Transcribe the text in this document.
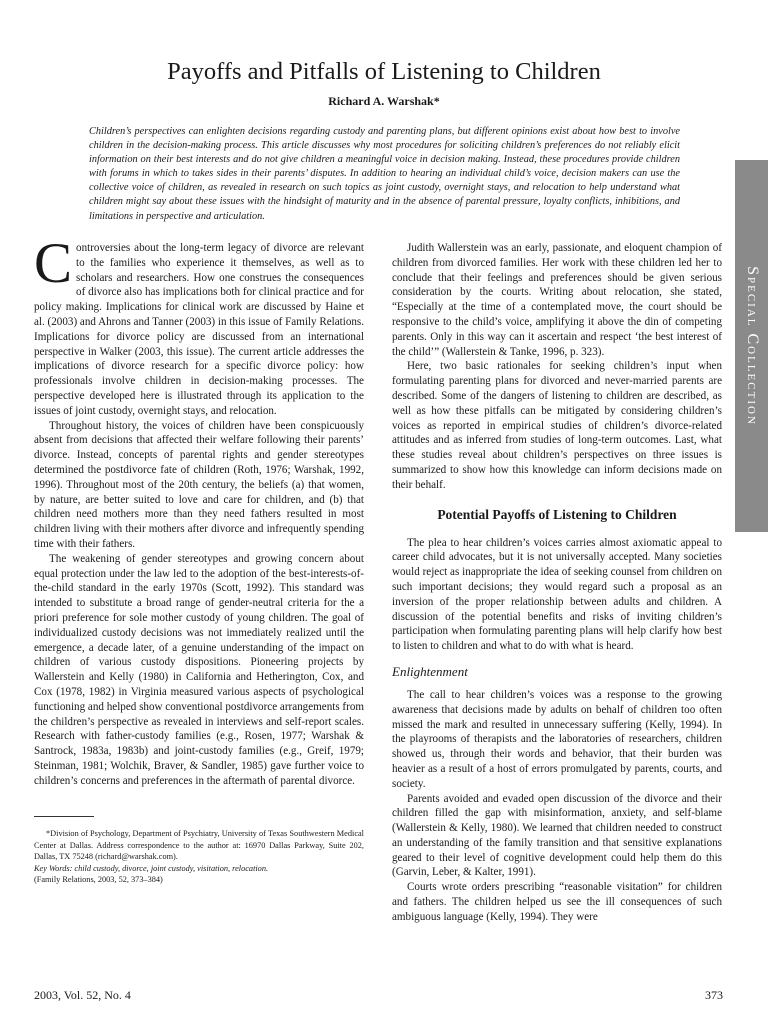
Payoffs and Pitfalls of Listening to Children
Richard A. Warshak*

Children’s perspectives can enlighten decisions regarding custody and parenting plans, but different opinions exist about how best to involve children in the decision-making process. This article discusses why most procedures for soliciting children’s preferences do not reliably elicit information on their best interests and do not give children a meaningful voice in decision making. Instead, these procedures provide children with forums in which to takes sides in their parents’ disputes. In addition to hearing an individual child’s voice, decision makers can use the collective voice of children, as revealed in research on such topics as joint custody, overnight stays, and relocation to help understand what children might say about these issues with the hindsight of maturity and in the absence of parental pressure, loyalty conflicts, inhibitions, and limitations in perspective and articulation.

C ontroversies about the long-term legacy of divorce are relevant to the families who experience it themselves, as well as to scholars and researchers. How one construes the consequences of divorce also has implications both for clinical practice and for policy making. Implications for clinical work are discussed by Haine et al. (2003) and Ahrons and Tanner (2003) in this issue of Family Relations. Implications for divorce policy are discussed from an international perspective in Walker (2003, this issue). The current article addresses the implications of divorce research for a specific divorce policy: how professionals involve children in decision-making processes. The perspective developed here is illustrated through its application to the issues of joint custody, overnight stays, and relocation.

Throughout history, the voices of children have been conspicuously absent from decisions that affected their welfare following their parents’ divorce. Instead, concepts of parental rights and gender stereotypes determined the postdivorce fate of children (Roth, 1976; Warshak, 1992, 1996). Throughout most of the 20th century, the beliefs (a) that women, by nature, are better suited to love and care for children, and (b) that children need mothers more than they need fathers resulted in most children living with their mothers after divorce and infrequently spending time with their fathers.

The weakening of gender stereotypes and growing concern about equal protection under the law led to the adoption of the best-interests-of-the-child standard in the early 1970s (Scott, 1992). This standard was intended to substitute a broad range of gender-neutral criteria for the a priori preference for sole mother custody of young children. The goal of individualized custody decisions was not immediately realized until the emergence, a decade later, of a genuine understanding of the impact on children of various custody dispositions. Pioneering projects by Wallerstein and Kelly (1980) in California and Hetherington, Cox, and Cox (1978, 1982) in Virginia measured various aspects of psychological functioning and helped show conventional postdivorce arrangements from the children’s perspective as revealed in interviews and self-report scales. Research with father-custody families (e.g., Rosen, 1977; Warshak & Santrock, 1983a, 1983b) and joint-custody families (e.g., Greif, 1979; Steinman, 1981; Wolchik, Braver, & Sandler, 1985) gave further voice to children’s concerns and preferences in the aftermath of parental divorce.

*Division of Psychology, Department of Psychiatry, University of Texas Southwestern Medical Center at Dallas. Address correspondence to the author at: 16970 Dallas Parkway, Suite 202, Dallas, TX 75248 (richard@warshak.com).

Key Words: child custody, divorce, joint custody, visitation, relocation.

(Family Relations, 2003, 52, 373–384)

Judith Wallerstein was an early, passionate, and eloquent champion of children from divorced families. Her work with these children led her to conclude that their feelings and preferences should be given serious consideration by the courts. Writing about relocation, she stated, “Especially at the time of a contemplated move, the court should be responsive to the child’s voice, amplifying it above the din of competing parents. Only in this way can it ascertain and respect ‘the best interest of the child’” (Wallerstein & Tanke, 1996, p. 323).

Here, two basic rationales for seeking children’s input when formulating parenting plans for divorced and never-married parents are described. Some of the dangers of listening to children are described, as well as how these pitfalls can be mitigated by considering children’s voices as reported in empirical studies of children’s divorce-related attitudes and as inferred from studies of long-term outcomes. Last, what these studies reveal about children’s perspectives on three issues is summarized to show how this knowledge can inform decisions made on their behalf.

Potential Payoffs of Listening to Children

The plea to hear children’s voices carries almost axiomatic appeal to career child advocates, but it is not universally accepted. Many societies would reject as inappropriate the idea of seeking counsel from children on such important decisions; they would regard such a proposal as an inversion of the proper relationship between adults and children. A discussion of the potential benefits and risks of inviting children’s participation when formulating parenting plans will help clarify how best to listen to children and what to do with what is heard.

Enlightenment

The call to hear children’s voices was a response to the growing awareness that decisions made by adults on behalf of children too often missed the mark and resulted in unnecessary suffering (Kelly, 1994). In the playrooms of therapists and the laboratories of researchers, children showed us, through their words and behavior, that their burden was heavier as a result of a host of errors promulgated by parents, courts, and society.

Parents avoided and evaded open discussion of the divorce and their children filled the gap with misinformation, anxiety, and self-blame (Wallerstein & Kelly, 1980). We learned that children needed to construct an understanding of the family transition and that sensitive explanations geared to their level of cognitive development could help them do this (Garvin, Leber, & Kalter, 1991).

Courts wrote orders prescribing “reasonable visitation” for children and fathers. The children helped us see the ill consequences of such ambiguous language (Kelly, 1994). They were

Special Collection
2003, Vol. 52, No. 4	373
